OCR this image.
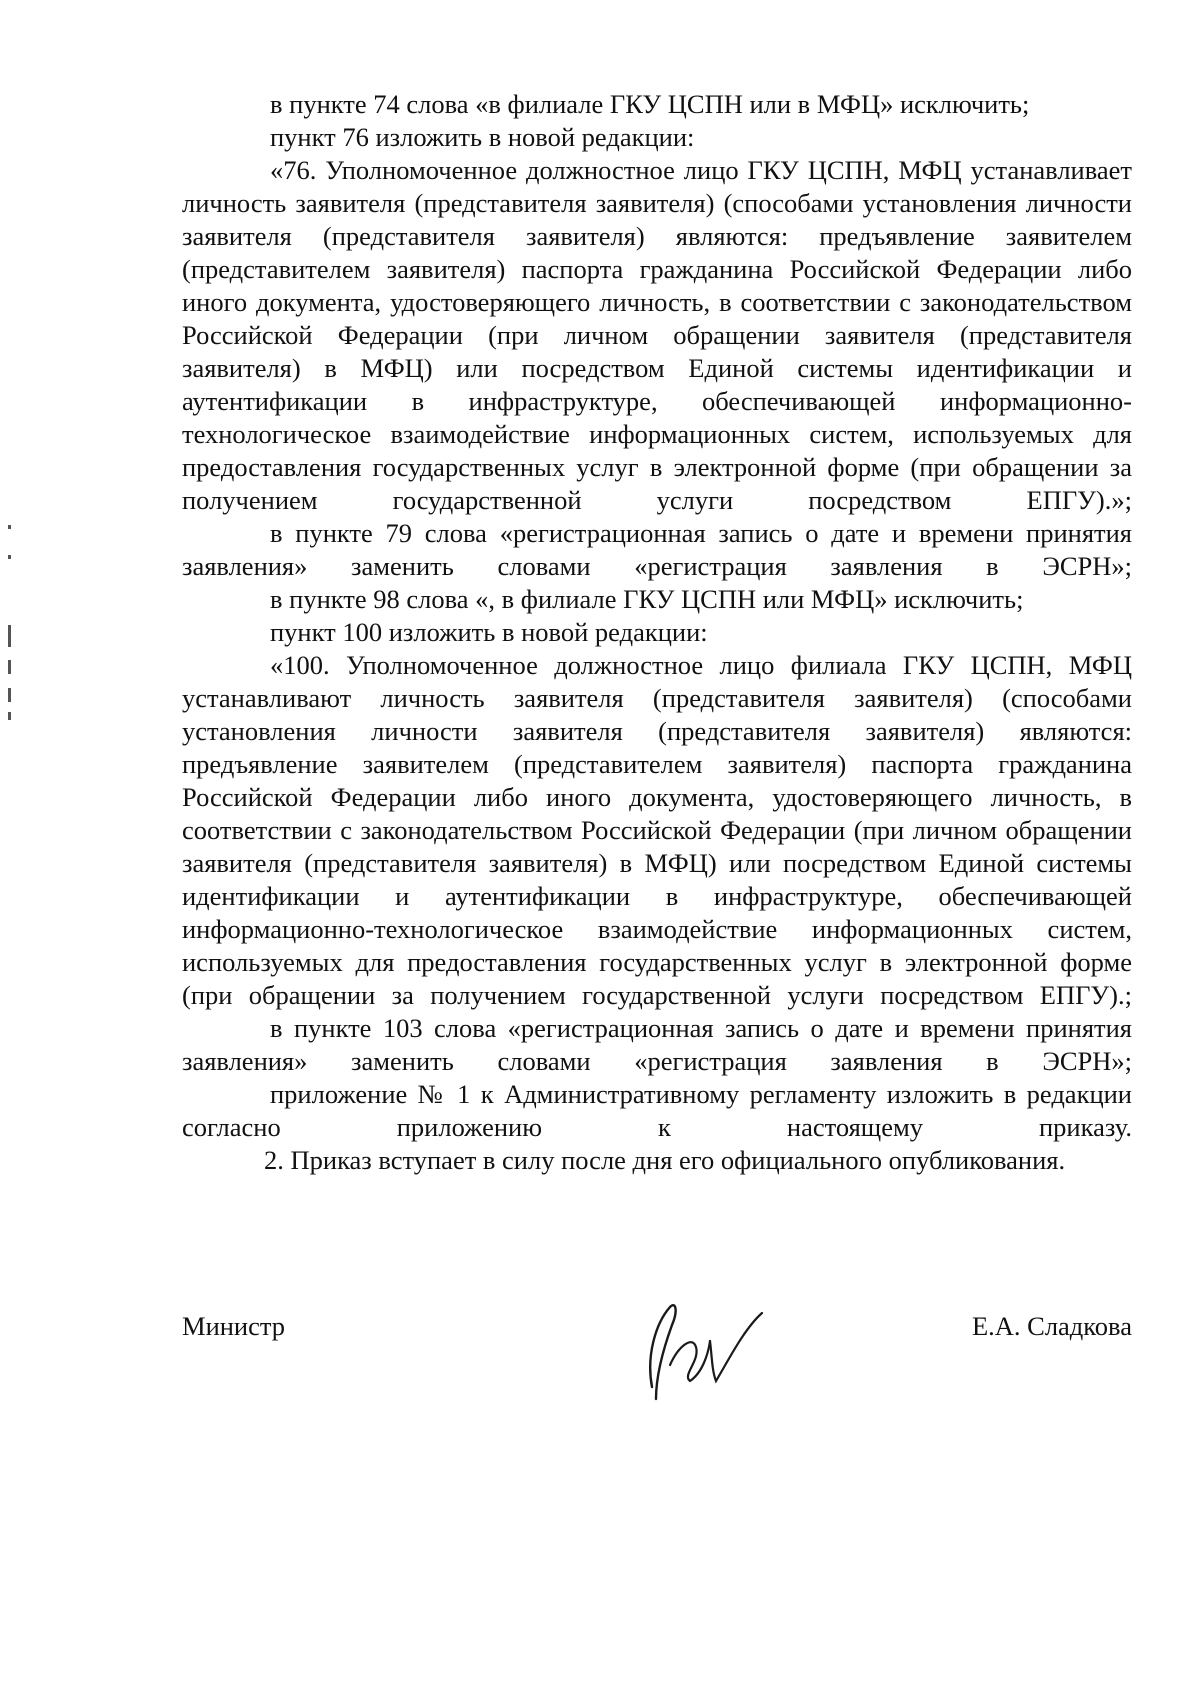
в пункте 74 слова «в филиале ГКУ ЦСПН или в МФЦ» исключить;

пункт 76 изложить в новой редакции:

«76. Уполномоченное должностное лицо ГКУ ЦСПН, МФЦ устанавливает личность заявителя (представителя заявителя) (способами установления личности заявителя (представителя заявителя) являются: предъявление заявителем (представителем заявителя) паспорта гражданина Российской Федерации либо иного документа, удостоверяющего личность, в соответствии с законодательством Российской Федерации (при личном обращении заявителя (представителя заявителя) в МФЦ) или посредством Единой системы идентификации и аутентификации в инфраструктуре, обеспечивающей информационно-технологическое взаимодействие информационных систем, используемых для предоставления государственных услуг в электронной форме (при обращении за получением государственной услуги посредством ЕПГУ).»;

в пункте 79 слова «регистрационная запись о дате и времени принятия заявления» заменить словами «регистрация заявления в ЭСРН»;

в пункте 98 слова «, в филиале ГКУ ЦСПН или МФЦ» исключить;

пункт 100 изложить в новой редакции:

«100. Уполномоченное должностное лицо филиала ГКУ ЦСПН, МФЦ устанавливают личность заявителя (представителя заявителя) (способами установления личности заявителя (представителя заявителя) являются: предъявление заявителем (представителем заявителя) паспорта гражданина Российской Федерации либо иного документа, удостоверяющего личность, в соответствии с законодательством Российской Федерации (при личном обращении заявителя (представителя заявителя) в МФЦ) или посредством Единой системы идентификации и аутентификации в инфраструктуре, обеспечивающей информационно-технологическое взаимодействие информационных систем, используемых для предоставления государственных услуг в электронной форме (при обращении за получением государственной услуги посредством ЕПГУ).;

в пункте 103 слова «регистрационная запись о дате и времени принятия заявления» заменить словами «регистрация заявления в ЭСРН»;

приложение № 1 к Административному регламенту изложить в редакции согласно приложению к настоящему приказу.

2. Приказ вступает в силу после дня его официального опубликования.

Министр	Е.А. Сладкова
